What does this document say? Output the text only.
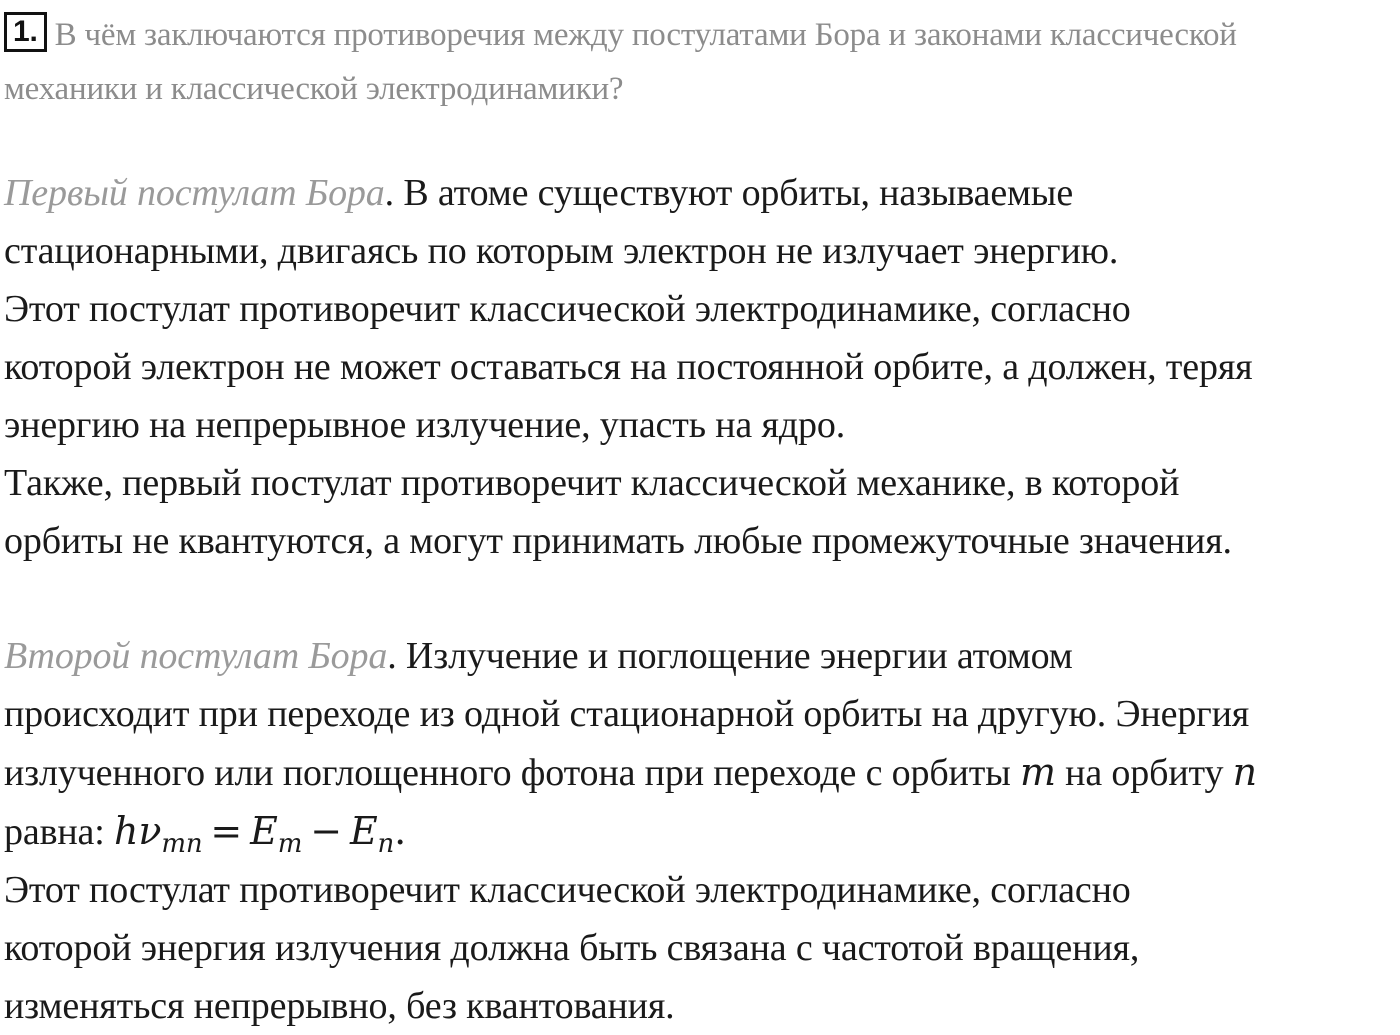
1. В чём заключаются противоречия между постулатами Бора и законами классической
механики и классической электродинамики?
Первый постулат Бора. В атоме существуют орбиты, называемые
стационарными, двигаясь по которым электрон не излучает энергию.
Этот постулат противоречит классической электродинамике, согласно
которой электрон не может оставаться на постоянной орбите, а должен, теряя
энергию на непрерывное излучение, упасть на ядро.
Также, первый постулат противоречит классической механике, в которой
орбиты не квантуются, а могут принимать любые промежуточные значения.
Второй постулат Бора. Излучение и поглощение энергии атомом
происходит при переходе из одной стационарной орбиты на другую. Энергия
излученного или поглощенного фотона при переходе с орбиты m на орбиту n
равна: $h\nu_{mn} = E_m - E_n$.
Этот постулат противоречит классической электродинамике, согласно
которой энергия излучения должна быть связана с частотой вращения,
изменяться непрерывно, без квантования.
